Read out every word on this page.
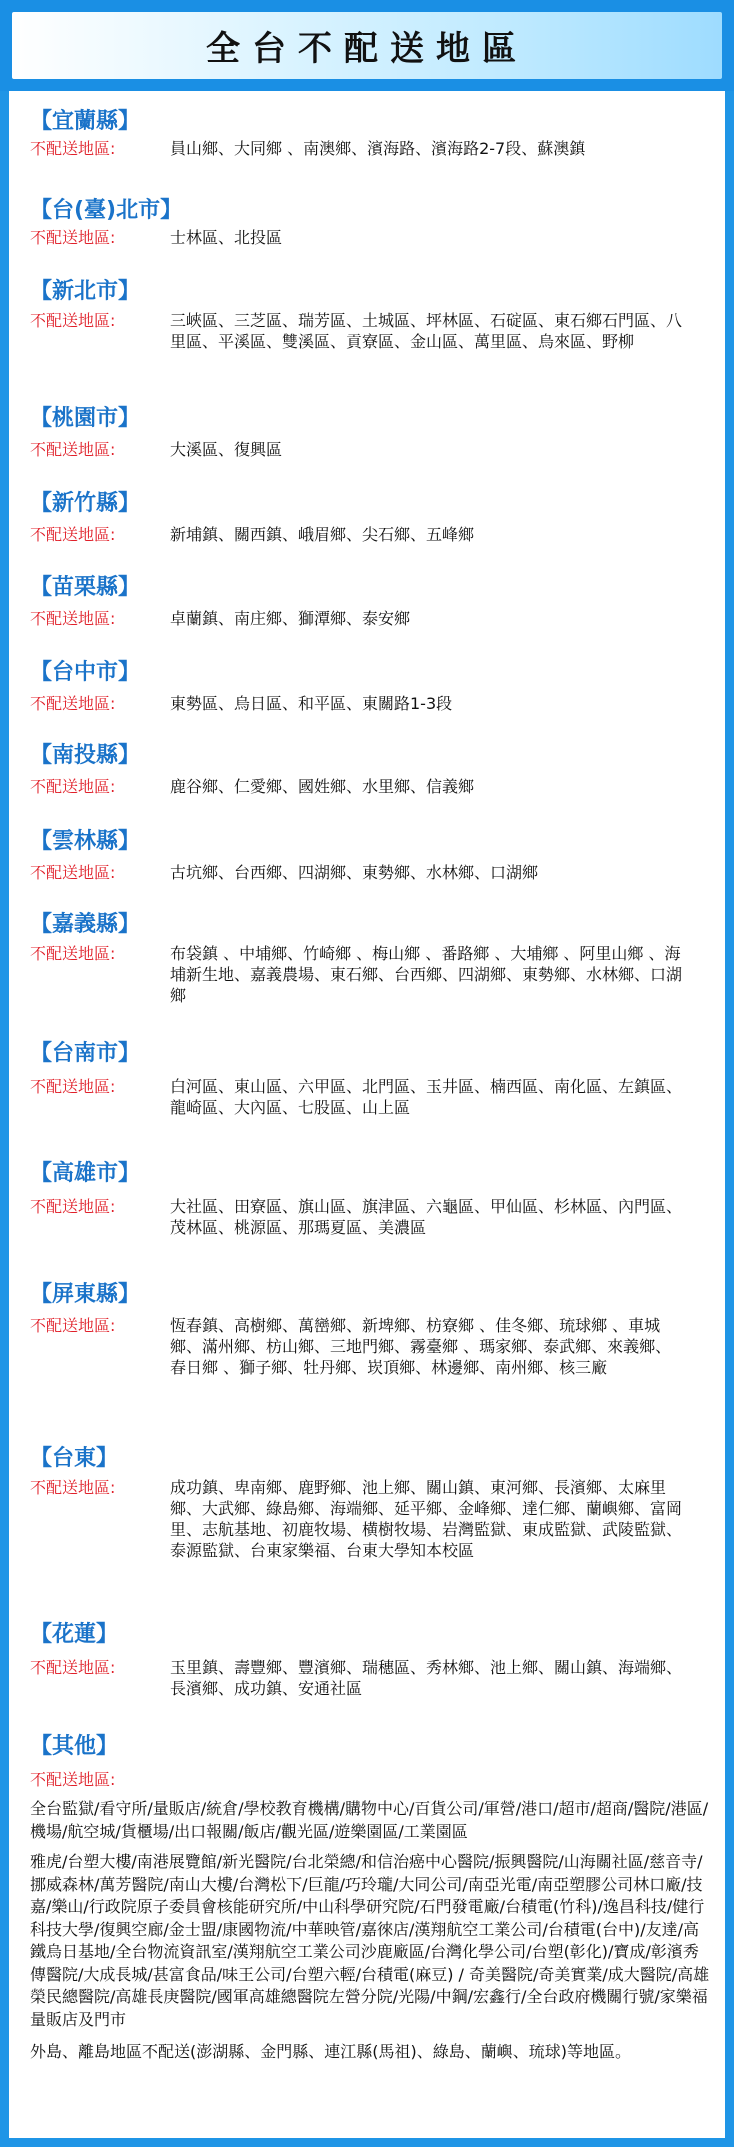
全台不配送地區
【宜蘭縣】
不配送地區:	員山鄉、大同鄉 、南澳鄉、濱海路、濱海路2-7段、蘇澳鎮
【台(臺)北市】
不配送地區:	士林區、北投區
【新北市】
不配送地區:	三峽區、三芝區、瑞芳區、土城區、坪林區、石碇區、東石鄉石門區、八里區、平溪區、雙溪區、貢寮區、金山區、萬里區、烏來區、野柳
【桃園市】
不配送地區:	大溪區、復興區
【新竹縣】
不配送地區:	新埔鎮、關西鎮、峨眉鄉、尖石鄉、五峰鄉
【苗栗縣】
不配送地區:	卓蘭鎮、南庄鄉、獅潭鄉、泰安鄉
【台中市】
不配送地區:	東勢區、烏日區、和平區、東關路1-3段
【南投縣】
不配送地區:	鹿谷鄉、仁愛鄉、國姓鄉、水里鄉、信義鄉
【雲林縣】
不配送地區:	古坑鄉、台西鄉、四湖鄉、東勢鄉、水林鄉、口湖鄉
【嘉義縣】
不配送地區:	布袋鎮 、中埔鄉、竹崎鄉 、梅山鄉 、番路鄉 、大埔鄉 、阿里山鄉 、海埔新生地、嘉義農場、東石鄉、台西鄉、四湖鄉、東勢鄉、水林鄉、口湖鄉
【台南市】
不配送地區:	白河區、東山區、六甲區、北門區、玉井區、楠西區、南化區、左鎮區、龍崎區、大內區、七股區、山上區
【高雄市】
不配送地區:	大社區、田寮區、旗山區、旗津區、六龜區、甲仙區、杉林區、內門區、茂林區、桃源區、那瑪夏區、美濃區
【屏東縣】
不配送地區:	恆春鎮、高樹鄉、萬巒鄉、新埤鄉、枋寮鄉 、佳冬鄉、琉球鄉 、車城鄉、滿州鄉、枋山鄉、三地門鄉、霧臺鄉 、瑪家鄉、泰武鄉、來義鄉、春日鄉 、獅子鄉、牡丹鄉、崁頂鄉、林邊鄉、南州鄉、核三廠
【台東】
不配送地區:	成功鎮、卑南鄉、鹿野鄉、池上鄉、關山鎮、東河鄉、長濱鄉、太麻里鄉、大武鄉、綠島鄉、海端鄉、延平鄉、金峰鄉、達仁鄉、蘭嶼鄉、富岡里、志航基地、初鹿牧場、横樹牧場、岩灣監獄、東成監獄、武陵監獄、泰源監獄、台東家樂福、台東大學知本校區
【花蓮】
不配送地區:	玉里鎮、壽豐鄉、豐濱鄉、瑞穗區、秀林鄉、池上鄉、關山鎮、海端鄉、長濱鄉、成功鎮、安通社區
【其他】
不配送地區:
全台監獄/看守所/量販店/統倉/學校教育機構/購物中心/百貨公司/軍營/港口/超市/超商/醫院/港區/機場/航空城/貨櫃場/出口報關/飯店/觀光區/遊樂園區/工業園區
雅虎/台塑大樓/南港展覽館/新光醫院/台北榮總/和信治癌中心醫院/振興醫院/山海關社區/慈音寺/挪威森林/萬芳醫院/南山大樓/台灣松下/巨龍/巧玲瓏/大同公司/南亞光電/南亞塑膠公司林口廠/技嘉/樂山/行政院原子委員會核能研究所/中山科學研究院/石門發電廠/台積電(竹科)/逸昌科技/健行科技大學/復興空廊/金士盟/康國物流/中華映管/嘉徠店/漢翔航空工業公司/台積電(台中)/友達/高鐵烏日基地/全台物流資訊室/漢翔航空工業公司沙鹿廠區/台灣化學公司/台塑(彰化)/寶成/彰濱秀傳醫院/大成長城/甚富食品/味王公司/台塑六輕/台積電(麻豆) / 奇美醫院/奇美實業/成大醫院/高雄榮民總醫院/高雄長庚醫院/國軍高雄總醫院左營分院/光陽/中鋼/宏鑫行/全台政府機關行號/家樂福量販店及門市
外島、離島地區不配送(澎湖縣、金門縣、連江縣(馬祖)、綠島、蘭嶼、琉球)等地區。
